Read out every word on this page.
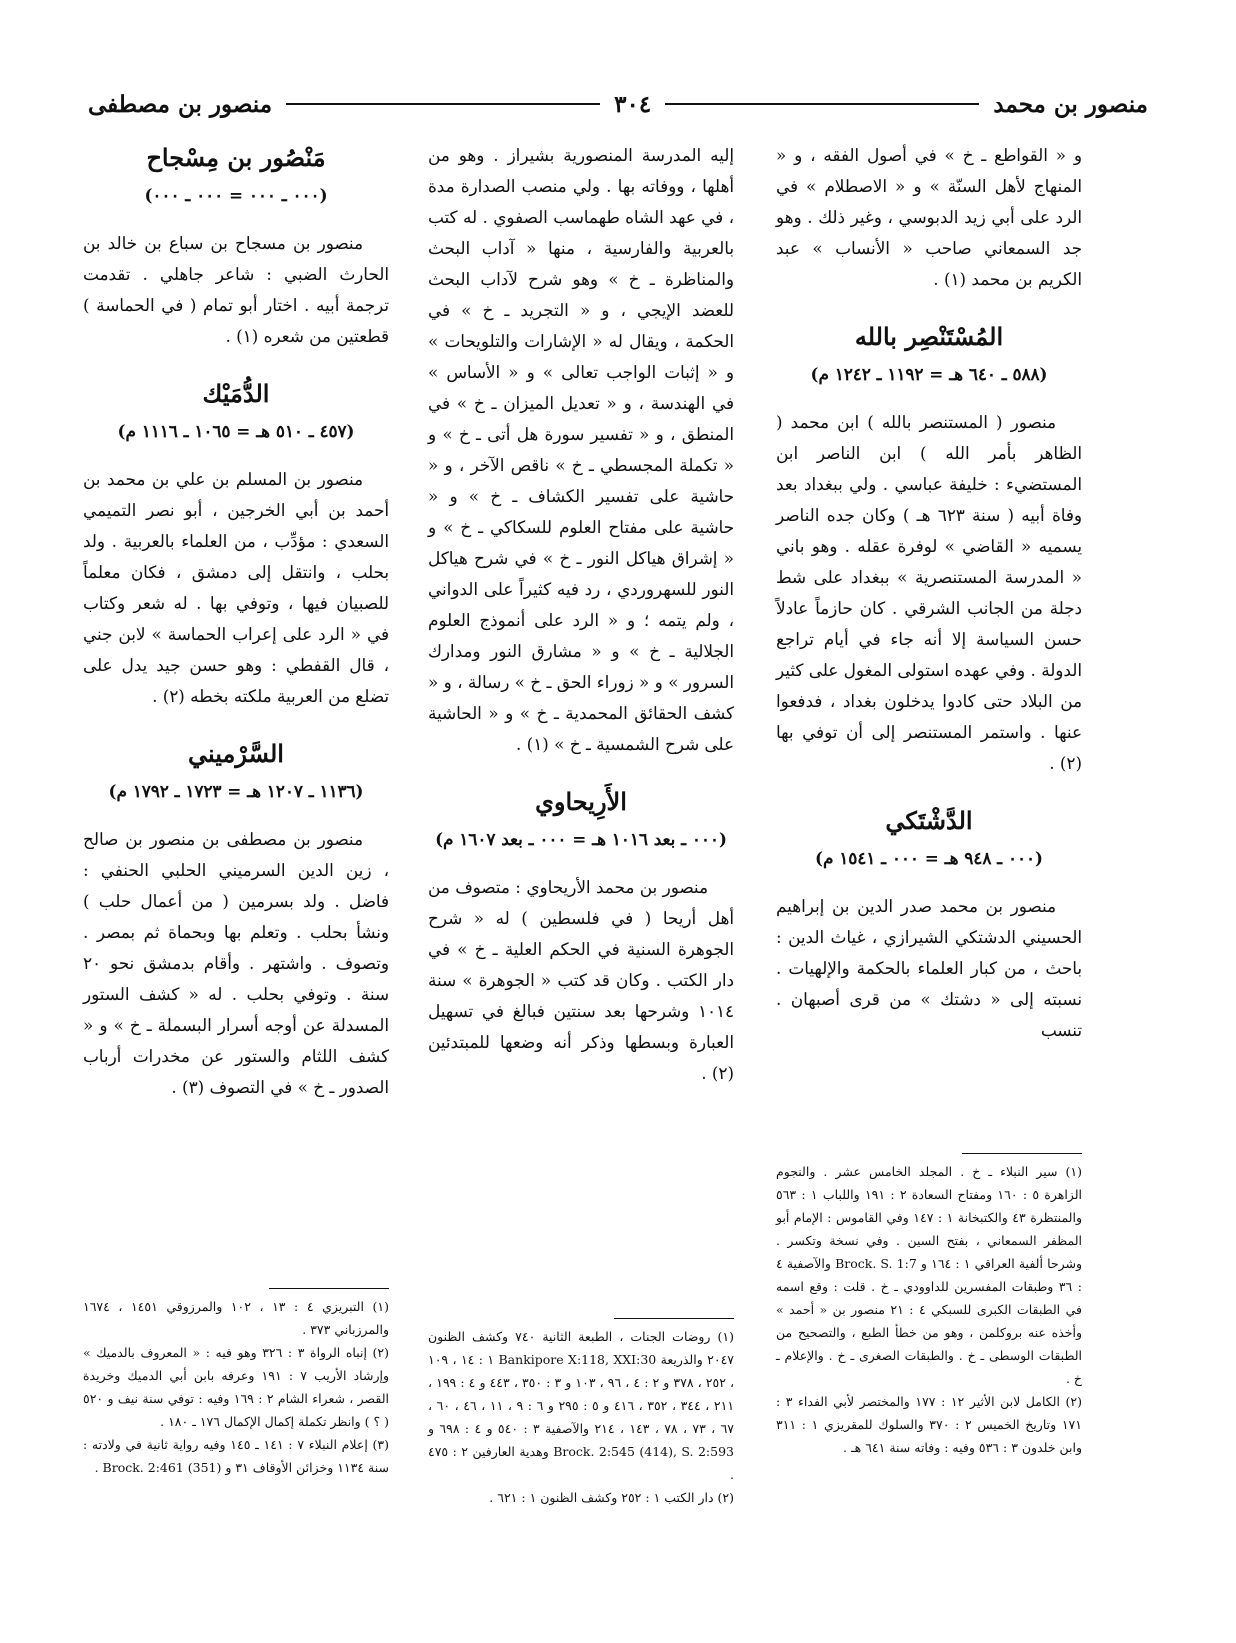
منصور بن محمد
٣٠٤
منصور بن مصطفى

و « القواطع ـ خ » في أصول الفقه ، و « المنهاج لأهل السنّة » و « الاصطلام » في الرد على أبي زيد الدبوسي ، وغير ذلك . وهو جد السمعاني صاحب « الأنساب » عبد الكريم بن محمد (١) .

المُسْتَنْصِر بالله

(٥٨٨ ـ ٦٤٠ هـ = ١١٩٢ ـ ١٢٤٢ م)

منصور ( المستنصر بالله ) ابن محمد ( الظاهر بأمر الله ) ابن الناصر ابن المستضيء : خليفة عباسي . ولي ببغداد بعد وفاة أبيه ( سنة ٦٢٣ هـ ) وكان جده الناصر يسميه « القاضي » لوفرة عقله . وهو باني « المدرسة المستنصرية » ببغداد على شط دجلة من الجانب الشرقي . كان حازماً عادلاً حسن السياسة إلا أنه جاء في أيام تراجع الدولة . وفي عهده استولى المغول على كثير من البلاد حتى كادوا يدخلون بغداد ، فدفعوا عنها . واستمر المستنصر إلى أن توفي بها (٢) .

الدَّشْتَكي

(٠٠٠ ـ ٩٤٨ هـ = ٠٠٠ ـ ١٥٤١ م)

منصور بن محمد صدر الدين بن إبراهيم الحسيني الدشتكي الشيرازي ، غياث الدين : باحث ، من كبار العلماء بالحكمة والإلهيات . نسبته إلى « دشتك » من قرى أصبهان . تنسب

(١) سير النبلاء ـ خ . المجلد الخامس عشر . والنجوم الزاهرة ٥ : ١٦٠ ومفتاح السعادة ٢ : ١٩١ واللباب ١ : ٥٦٣ والمنتظرة ٤٣ والكتبخانة ١ : ١٤٧ وفي القاموس : الإمام أبو المظفر السمعاني ، بفتح السين . وفي نسخة وتكسر . وشرحا ألفية العراقي ١ : ١٦٤ و Brock. S. 1:7 والآصفية ٤ : ٣٦ وطبقات المفسرين للداوودي ـ خ . قلت : وقع اسمه في الطبقات الكبرى للسبكي ٤ : ٢١ منصور بن « أحمد » وأخذه عنه بروكلمن ، وهو من خطأ الطبع ، والتصحيح من الطبقات الوسطى ـ خ . والطبقات الصغرى ـ خ . والإعلام ـ خ .

(٢) الكامل لابن الأثير ١٢ : ١٧٧ والمختصر لأبي الفداء ٣ : ١٧١ وتاريخ الخميس ٢ : ٣٧٠ والسلوك للمقريزي ١ : ٣١١ وابن خلدون ٣ : ٥٣٦ وفيه : وفاته سنة ٦٤١ هـ .

إليه المدرسة المنصورية بشيراز . وهو من أهلها ، ووفاته بها . ولي منصب الصدارة مدة ، في عهد الشاه طهماسب الصفوي . له كتب بالعربية والفارسية ، منها « آداب البحث والمناظرة ـ خ » وهو شرح لآداب البحث للعضد الإيجي ، و « التجريد ـ خ » في الحكمة ، ويقال له « الإشارات والتلويحات » و « إثبات الواجب تعالى » و « الأساس » في الهندسة ، و « تعديل الميزان ـ خ » في المنطق ، و « تفسير سورة هل أتى ـ خ » و « تكملة المجسطي ـ خ » ناقص الآخر ، و « حاشية على تفسير الكشاف ـ خ » و « حاشية على مفتاح العلوم للسكاكي ـ خ » و « إشراق هياكل النور ـ خ » في شرح هياكل النور للسهروردي ، رد فيه كثيراً على الدواني ، ولم يتمه ؛ و « الرد على أنموذج العلوم الجلالية ـ خ » و « مشارق النور ومدارك السرور » و « زوراء الحق ـ خ » رسالة ، و « كشف الحقائق المحمدية ـ خ » و « الحاشية على شرح الشمسية ـ خ » (١) .

الأَرِيحاوي

(٠٠٠ ـ بعد ١٠١٦ هـ = ٠٠٠ ـ بعد ١٦٠٧ م)

منصور بن محمد الأريحاوي : متصوف من أهل أريحا ( في فلسطين ) له « شرح الجوهرة السنية في الحكم العلية ـ خ » في دار الكتب . وكان قد كتب « الجوهرة » سنة ١٠١٤ وشرحها بعد سنتين فبالغ في تسهيل العبارة وبسطها وذكر أنه وضعها للمبتدئين (٢) .

(١) روضات الجنات ، الطبعة الثانية ٧٤٠ وكشف الظنون ٢٠٤٧ والذريعة Bankipore X:118, XXI:30 ١ : ١٤ ، ١٠٩ ، ٢٥٢ ، ٣٧٨ و ٢ : ٤ ، ٩٦ ، ١٠٣ و ٣ : ٣٥٠ ، ٤٤٣ و ٤ : ١٩٩ ، ٢١١ ، ٣٤٤ ، ٣٥٢ ، ٤١٦ و ٥ : ٢٩٥ و ٦ : ٩ ، ١١ ، ٤٦ ، ٦٠ ، ٦٧ ، ٧٣ ، ٧٨ ، ١٤٣ ، ٢١٤ والآصفية ٣ : ٥٤٠ و ٤ : ٦٩٨ و Brock. 2:545 (414), S. 2:593 وهدية العارفين ٢ : ٤٧٥ .

(٢) دار الكتب ١ : ٢٥٢ وكشف الظنون ١ : ٦٢١ .

مَنْصُور بن مِسْجاح

(٠٠٠ ـ ٠٠٠ = ٠٠٠ ـ ٠٠٠)

منصور بن مسجاح بن سباع بن خالد بن الحارث الضبي : شاعر جاهلي . تقدمت ترجمة أبيه . اختار أبو تمام ( في الحماسة ) قطعتين من شعره (١) .

الدُّمَيْك

(٤٥٧ ـ ٥١٠ هـ = ١٠٦٥ ـ ١١١٦ م)

منصور بن المسلم بن علي بن محمد بن أحمد بن أبي الخرجين ، أبو نصر التميمي السعدي : مؤدِّب ، من العلماء بالعربية . ولد بحلب ، وانتقل إلى دمشق ، فكان معلماً للصبيان فيها ، وتوفي بها . له شعر وكتاب في « الرد على إعراب الحماسة » لابن جني ، قال القفطي : وهو حسن جيد يدل على تضلع من العربية ملكته بخطه (٢) .

السَّرْميني

(١١٣٦ ـ ١٢٠٧ هـ = ١٧٢٣ ـ ١٧٩٢ م)

منصور بن مصطفى بن منصور بن صالح ، زين الدين السرميني الحلبي الحنفي : فاضل . ولد بسرمين ( من أعمال حلب ) ونشأ بحلب . وتعلم بها وبحماة ثم بمصر . وتصوف . واشتهر . وأقام بدمشق نحو ٢٠ سنة . وتوفي بحلب . له « كشف الستور المسدلة عن أوجه أسرار البسملة ـ خ » و « كشف اللثام والستور عن مخدرات أرباب الصدور ـ خ » في التصوف (٣) .

(١) التبريزي ٤ : ١٣ ، ١٠٢ والمرزوقي ١٤٥١ ، ١٦٧٤ والمرزباني ٣٧٣ .

(٢) إنباه الرواة ٣ : ٣٢٦ وهو فيه : « المعروف بالدميك » وإرشاد الأريب ٧ : ١٩١ وعرفه بابن أبي الدميك وخريدة القصر ، شعراء الشام ٢ : ١٦٩ وفيه : توفي سنة نيف و ٥٢٠ ( ؟ ) وانظر تكملة إكمال الإكمال ١٧٦ ـ ١٨٠ .

(٣) إعلام النبلاء ٧ : ١٤١ ـ ١٤٥ وفيه رواية ثانية في ولادته : سنة ١١٣٤ وخزائن الأوقاف ٣١ و Brock. 2:461 (351) .
